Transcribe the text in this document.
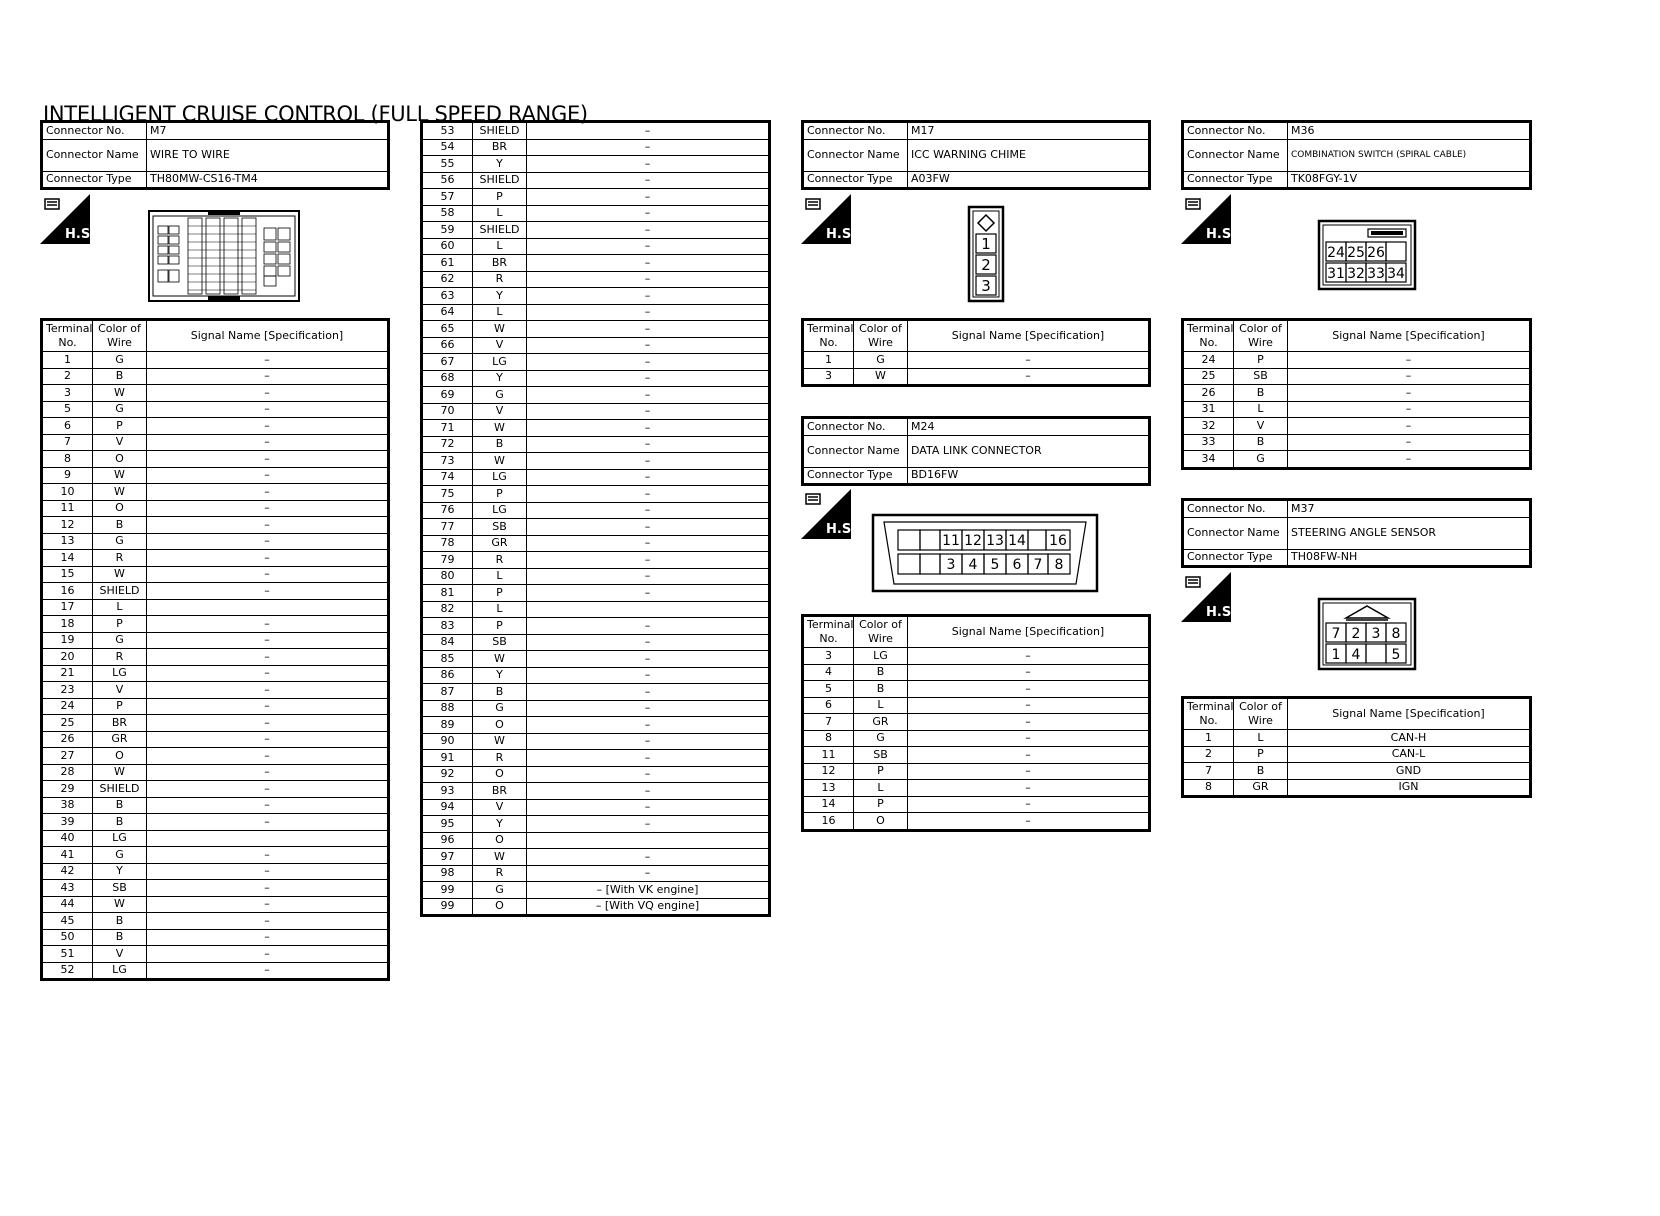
INTELLIGENT CRUISE CONTROL (FULL SPEED RANGE)
Connector No.	M7
Connector Name	WIRE TO WIRE
Connector Type	TH80MW-CS16-TM4
H.S.
Terminal No.	Color of Wire	Signal Name [Specification]
1	G	–
2	B	–
3	W	–
5	G	–
6	P	–
7	V	–
8	O	–
9	W	–
10	W	–
11	O	–
12	B	–
13	G	–
14	R	–
15	W	–
16	SHIELD	–
17	L	
18	P	–
19	G	–
20	R	–
21	LG	–
23	V	–
24	P	–
25	BR	–
26	GR	–
27	O	–
28	W	–
29	SHIELD	–
38	B	–
39	B	–
40	LG	
41	G	–
42	Y	–
43	SB	–
44	W	–
45	B	–
50	B	–
51	V	–
52	LG	–
53	SHIELD	–
54	BR	–
55	Y	–
56	SHIELD	–
57	P	–
58	L	–
59	SHIELD	–
60	L	–
61	BR	–
62	R	–
63	Y	–
64	L	–
65	W	–
66	V	–
67	LG	–
68	Y	–
69	G	–
70	V	–
71	W	–
72	B	–
73	W	–
74	LG	–
75	P	–
76	LG	–
77	SB	–
78	GR	–
79	R	–
80	L	–
81	P	–
82	L	
83	P	–
84	SB	–
85	W	–
86	Y	–
87	B	–
88	G	–
89	O	–
90	W	–
91	R	–
92	O	–
93	BR	–
94	V	–
95	Y	–
96	O	
97	W	–
98	R	–
99	G	– [With VK engine]
99	O	– [With VQ engine]
Connector No.	M17
Connector Name	ICC WARNING CHIME
Connector Type	A03FW
H.S.
1
2
3
Terminal No.	Color of Wire	Signal Name [Specification]
1	G	–
3	W	–
Connector No.	M24
Connector Name	DATA LINK CONNECTOR
Connector Type	BD16FW
H.S.
11 12 13 14 16
3 4 5 6 7 8
Terminal No.	Color of Wire	Signal Name [Specification]
3	LG	–
4	B	–
5	B	–
6	L	–
7	GR	–
8	G	–
11	SB	–
12	P	–
13	L	–
14	P	–
16	O	–
Connector No.	M36
Connector Name	COMBINATION SWITCH (SPIRAL CABLE)
Connector Type	TK08FGY-1V
H.S.
24 25 26
31 32 33 34
Terminal No.	Color of Wire	Signal Name [Specification]
24	P	–
25	SB	–
26	B	–
31	L	–
32	V	–
33	B	–
34	G	–
Connector No.	M37
Connector Name	STEERING ANGLE SENSOR
Connector Type	TH08FW-NH
H.S.
7 2 3 8
1 4 5
Terminal No.	Color of Wire	Signal Name [Specification]
1	L	CAN-H
2	P	CAN-L
7	B	GND
8	GR	IGN
